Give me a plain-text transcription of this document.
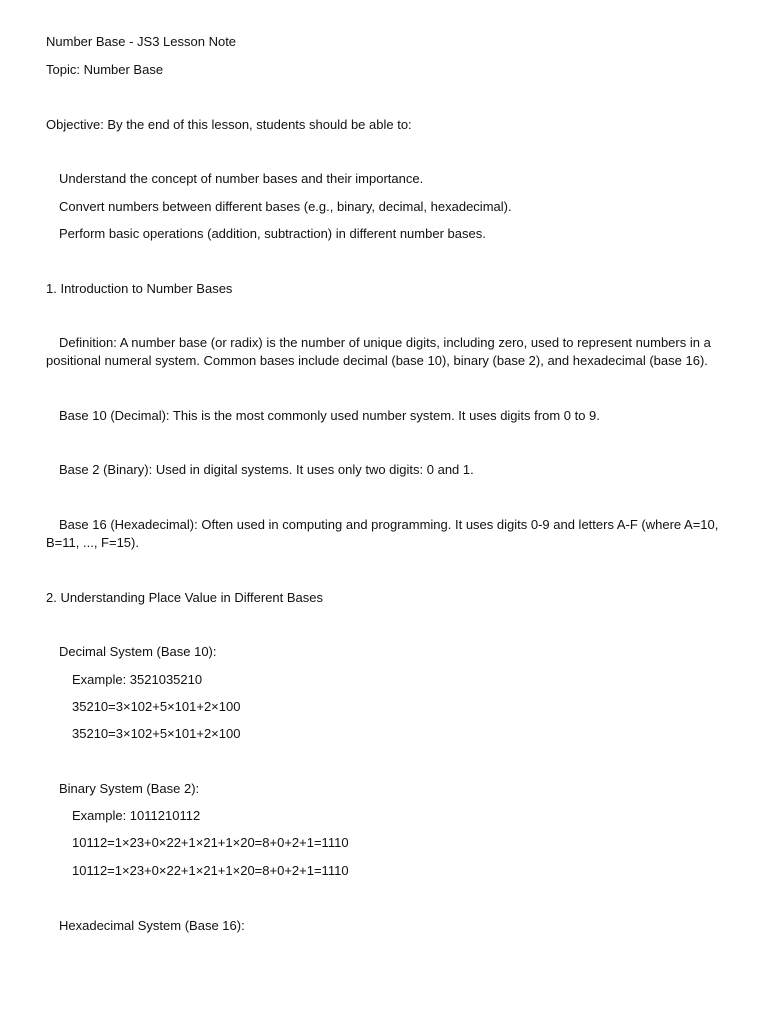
Number Base - JS3 Lesson Note
Topic: Number Base
Objective: By the end of this lesson, students should be able to:
Understand the concept of number bases and their importance.
Convert numbers between different bases (e.g., binary, decimal, hexadecimal).
Perform basic operations (addition, subtraction) in different number bases.
1. Introduction to Number Bases
Definition: A number base (or radix) is the number of unique digits, including zero, used to represent numbers in a positional numeral system. Common bases include decimal (base 10), binary (base 2), and hexadecimal (base 16).
Base 10 (Decimal): This is the most commonly used number system. It uses digits from 0 to 9.
Base 2 (Binary): Used in digital systems. It uses only two digits: 0 and 1.
Base 16 (Hexadecimal): Often used in computing and programming. It uses digits 0-9 and letters A-F (where A=10, B=11, ..., F=15).
2. Understanding Place Value in Different Bases
Decimal System (Base 10):
Example: 3521035210
35210=3×102+5×101+2×100
35210=3×102+5×101+2×100
Binary System (Base 2):
Example: 1011210112
10112=1×23+0×22+1×21+1×20=8+0+2+1=1110
10112=1×23+0×22+1×21+1×20=8+0+2+1=1110
Hexadecimal System (Base 16):
